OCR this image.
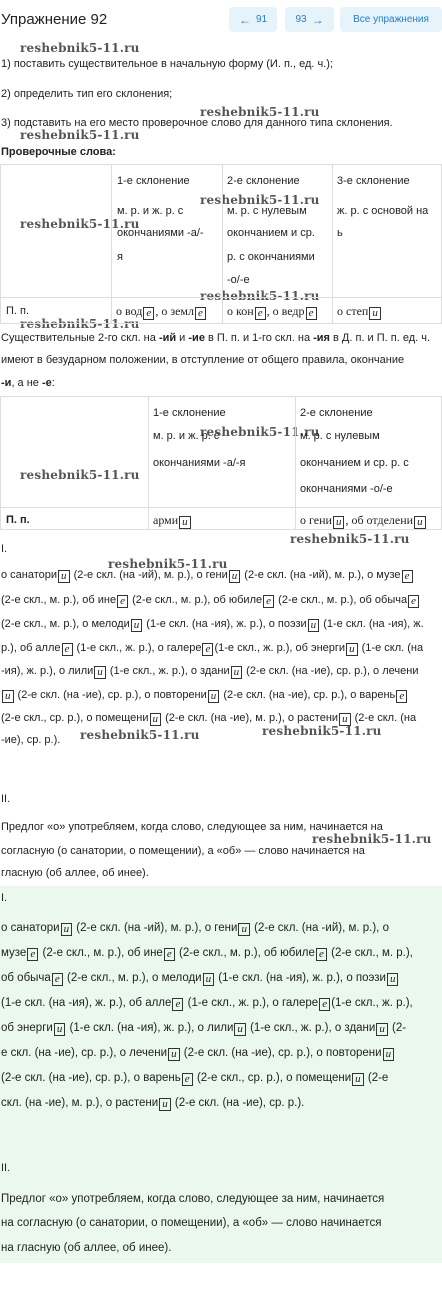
Упражнение 92	← 91	93 →	Все упражнения
reshebnik5-11.ru
reshebnik5-11.ru
reshebnik5-11.ru
reshebnik5-11.ru
reshebnik5-11.ru
reshebnik5-11.ru
reshebnik5-11.ru
reshebnik5-11.ru
reshebnik5-11.ru
reshebnik5-11.ru
reshebnik5-11.ru
reshebnik5-11.ru	reshebnik5-11.ru
reshebnik5-11.ru
1) поставить существительное в начальную форму (И. п., ед. ч.);
2) определить тип его склонения;
3) подставить на его место проверочное слово для данного типа склонения.
Проверочные слова:
1-е склонение
м. р. и ж. р. с
окончаниями -а/-
я
2-е склонение
м. р. с нулевым
окончанием и ср.
р. с окончаниями
-о/-е
3-е склонение
ж. р. с основой на
ь
П. п.	о вод е , о земл е	о кон е , о ведр е	о степ и
Существительные 2-го скл. на -ий и -ие в П. п. и 1-го скл. на -ия в Д. п. и П. п. ед. ч.
имеют в безударном положении, в отступление от общего правила, окончание
-и, а не -е:
1-е склонение
м. р. и ж. р. с
окончаниями -а/-я
2-е склонение
м. р. с нулевым
окончанием и ср. р. с
окончаниями -о/-е
П. п.	арми и	о гени и , об отделени и
I.
о санатори и (2-е скл. (на -ий), м. р.), о гени и (2-е скл. (на -ий), м. р.), о музе е
(2-е скл., м. р.), об ине е (2-е скл., м. р.), об юбиле е (2-е скл., м. р.), об обыча е
(2-е скл., м. р.), о мелоди и (1-е скл. (на -ия), ж. р.), о поэзи и (1-е скл. (на -ия), ж.
р.), об алле е (1-е скл., ж. р.), о галере е (1-е скл., ж. р.), об энерги и (1-е скл. (на
-ия), ж. р.), о лили и (1-е скл., ж. р.), о здани и (2-е скл. (на -ие), ср. р.), о лечени
и (2-е скл. (на -ие), ср. р.), о повторени и (2-е скл. (на -ие), ср. р.), о варень е
(2-е скл., ср. р.), о помещени и (2-е скл. (на -ие), м. р.), о растени и (2-е скл. (на
-ие), ср. р.).
II.
Предлог «о» употребляем, когда слово, следующее за ним, начинается на
согласную (о санатории, о помещении), а «об» — слово начинается на
гласную (об аллее, об инее).
I.
о санатори и (2-е скл. (на -ий), м. р.), о гени и (2-е скл. (на -ий), м. р.), о
музе е (2-е скл., м. р.), об ине е (2-е скл., м. р.), об юбиле е (2-е скл., м. р.),
об обыча е (2-е скл., м. р.), о мелоди и (1-е скл. (на -ия), ж. р.), о поэзи и
(1-е скл. (на -ия), ж. р.), об алле е (1-е скл., ж. р.), о галере е (1-е скл., ж. р.),
об энерги и (1-е скл. (на -ия), ж. р.), о лили и (1-е скл., ж. р.), о здани и (2-
е скл. (на -ие), ср. р.), о лечени и (2-е скл. (на -ие), ср. р.), о повторени и
(2-е скл. (на -ие), ср. р.), о варень е (2-е скл., ср. р.), о помещени и (2-е
скл. (на -ие), м. р.), о растени и (2-е скл. (на -ие), ср. р.).
II.
Предлог «о» употребляем, когда слово, следующее за ним, начинается
на согласную (о санатории, о помещении), а «об» — слово начинается
на гласную (об аллее, об инее).
